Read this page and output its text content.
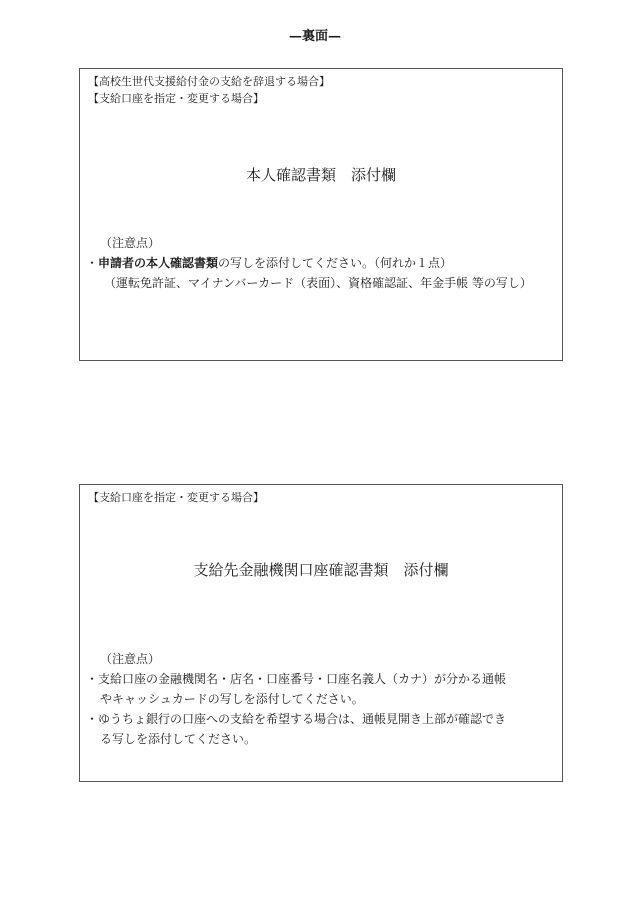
—裏面—
【高校生世代支援給付金の支給を辞退する場合】
【支給口座を指定・変更する場合】
本人確認書類　添付欄
（注意点）
・申請者の本人確認書類の写しを添付してください。（何れか１点）
（運転免許証、マイナンバーカード（表面）、資格確認証、年金手帳 等の写し）
【支給口座を指定・変更する場合】
支給先金融機関口座確認書類　添付欄
（注意点）
・支給口座の金融機関名・店名・口座番号・口座名義人（カナ）が分かる通帳
やキャッシュカードの写しを添付してください。
・ゆうちょ銀行の口座への支給を希望する場合は、通帳見開き上部が確認でき
る写しを添付してください。
